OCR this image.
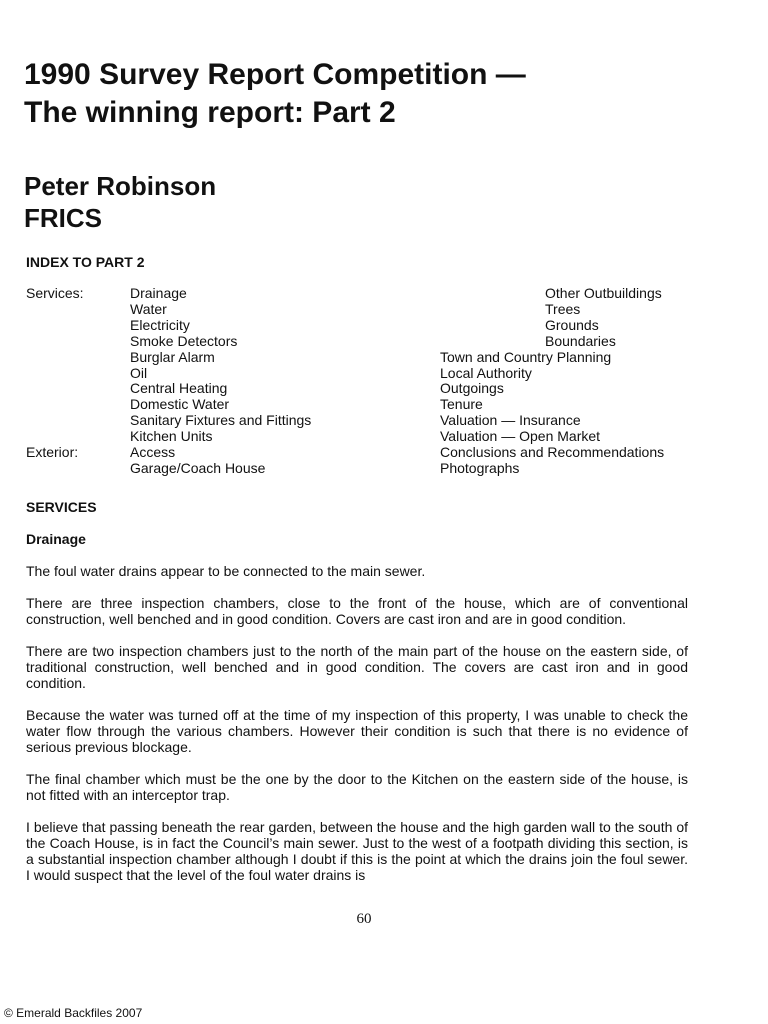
1990 Survey Report Competition —
The winning report: Part 2
Peter Robinson
FRICS
INDEX TO PART 2
Services:
Exterior:
Drainage
Water
Electricity
Smoke Detectors
Burglar Alarm
Oil
Central Heating
Domestic Water
Sanitary Fixtures and Fittings
Kitchen Units
Access
Garage/Coach House
Other Outbuildings
Trees
Grounds
Boundaries
Town and Country Planning
Local Authority
Outgoings
Tenure
Valuation — Insurance
Valuation — Open Market
Conclusions and Recommendations
Photographs
SERVICES
Drainage

The foul water drains appear to be connected to the main sewer.

There are three inspection chambers, close to the front of the house, which are of conventional construction, well benched and in good condition. Covers are cast iron and are in good condition.

There are two inspection chambers just to the north of the main part of the house on the eastern side, of traditional construction, well benched and in good condition. The covers are cast iron and in good condition.

Because the water was turned off at the time of my inspection of this property, I was unable to check the water flow through the various chambers. However their condition is such that there is no evidence of serious previous blockage.

The final chamber which must be the one by the door to the Kitchen on the eastern side of the house, is not fitted with an interceptor trap.

I believe that passing beneath the rear garden, between the house and the high garden wall to the south of the Coach House, is in fact the Council’s main sewer. Just to the west of a footpath dividing this section, is a substantial inspection chamber although I doubt if this is the point at which the drains join the foul sewer. I would suspect that the level of the foul water drains is

60
© Emerald Backfiles 2007
